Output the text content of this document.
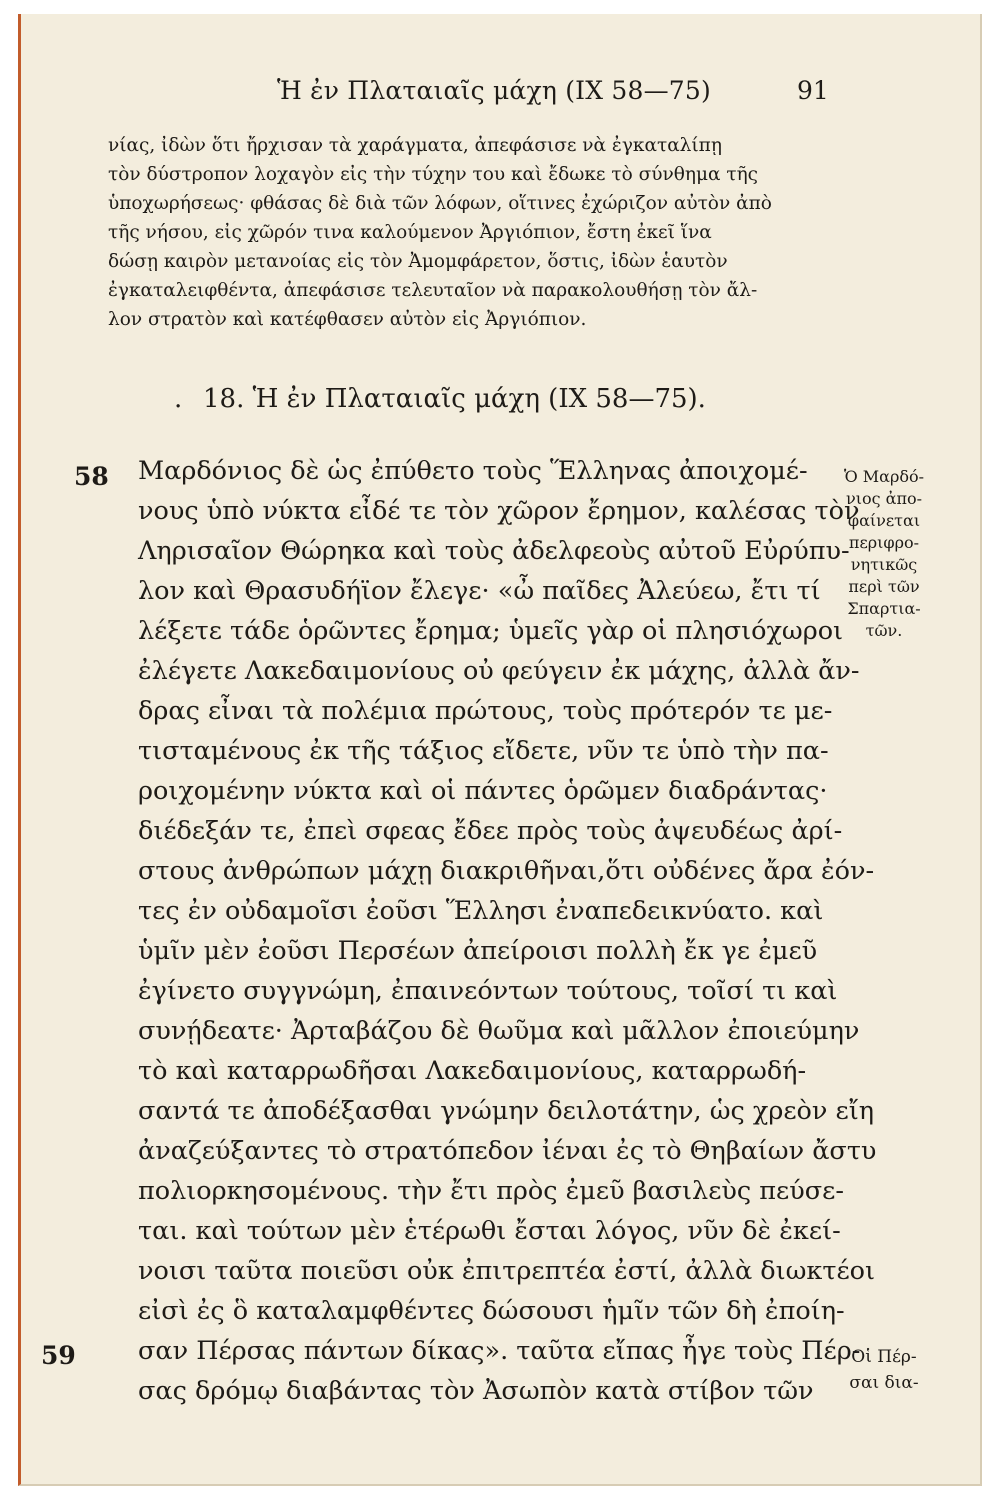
Ἡ ἐν Πλαταιαῖς μάχη (IX 58—75)	91
νίας, ἰδὼν ὅτι ἤρχισαν τὰ χαράγματα, ἀπεφάσισε νὰ ἐγκαταλίπῃ
τὸν δύστροπον λοχαγὸν εἰς τὴν τύχην του καὶ ἔδωκε τὸ σύνθημα τῆς
ὑποχωρήσεως· φθάσας δὲ διὰ τῶν λόφων, οἵτινες ἐχώριζον αὐτὸν ἀπὸ
τῆς νήσου, εἰς χῶρόν τινα καλούμενον Ἀργιόπιον, ἔστη ἐκεῖ ἵνα
δώσῃ καιρὸν μετανοίας εἰς τὸν Ἀμομφάρετον, ὅστις, ἰδὼν ἑαυτὸν
ἐγκαταλειφθέντα, ἀπεφάσισε τελευταῖον νὰ παρακολουθήσῃ τὸν ἄλ-
λον στρατὸν καὶ κατέφθασεν αὐτὸν εἰς Ἀργιόπιον.
. 18. Ἡ ἐν Πλαταιαῖς μάχη (IX 58—75).
58
59
Μαρδόνιος δὲ ὡς ἐπύθετο τοὺς Ἕλληνας ἀποιχομέ-
νους ὑπὸ νύκτα εἶδέ τε τὸν χῶρον ἔρημον, καλέσας τὸν
Ληρισαῖον Θώρηκα καὶ τοὺς ἀδελφεοὺς αὐτοῦ Εὐρύπυ-
λον καὶ Θρασυδήϊον ἔλεγε· «ὦ παῖδες Ἀλεύεω, ἔτι τί
λέξετε τάδε ὁρῶντες ἔρημα; ὑμεῖς γὰρ οἱ πλησιόχωροι
ἐλέγετε Λακεδαιμονίους οὐ φεύγειν ἐκ μάχης, ἀλλὰ ἄν-
δρας εἶναι τὰ πολέμια πρώτους, τοὺς πρότερόν τε με-
τισταμένους ἐκ τῆς τάξιος εἴδετε, νῦν τε ὑπὸ τὴν πα-
ροιχομένην νύκτα καὶ οἱ πάντες ὁρῶμεν διαδράντας·
διέδεξάν τε, ἐπεὶ σφεας ἔδεε πρὸς τοὺς ἀψευδέως ἀρί-
στους ἀνθρώπων μάχῃ διακριθῆναι,ὅτι οὐδένες ἄρα ἐόν-
τες ἐν οὐδαμοῖσι ἐοῦσι Ἕλλησι ἐναπεδεικνύατο. καὶ
ὑμῖν μὲν ἐοῦσι Περσέων ἀπείροισι πολλὴ ἔκ γε ἐμεῦ
ἐγίνετο συγγνώμη, ἐπαινεόντων τούτους, τοῖσί τι καὶ
συνῄδεατε· Ἀρταβάζου δὲ θωῦμα καὶ μᾶλλον ἐποιεύμην
τὸ καὶ καταρρωδῆσαι Λακεδαιμονίους, καταρρωδή-
σαντά τε ἀποδέξασθαι γνώμην δειλοτάτην, ὡς χρεὸν εἴη
ἀναζεύξαντες τὸ στρατόπεδον ἰέναι ἐς τὸ Θηβαίων ἄστυ
πολιορκησομένους. τὴν ἔτι πρὸς ἐμεῦ βασιλεὺς πεύσε-
ται. καὶ τούτων μὲν ἑτέρωθι ἔσται λόγος, νῦν δὲ ἐκεί-
νοισι ταῦτα ποιεῦσι οὐκ ἐπιτρεπτέα ἐστί, ἀλλὰ διωκτέοι
εἰσὶ ἐς ὃ καταλαμφθέντες δώσουσι ἡμῖν τῶν δὴ ἐποίη-
σαν Πέρσας πάντων δίκας». ταῦτα εἴπας ἦγε τοὺς Πέρ-
σας δρόμῳ διαβάντας τὸν Ἀσωπὸν κατὰ στίβον τῶν
Ὁ Μαρδό-
νιος ἀπο-
φαίνεται
περιφρο-
νητικῶς
περὶ τῶν
Σπαρτια-
τῶν.
Οἱ Πέρ-
σαι δια-
